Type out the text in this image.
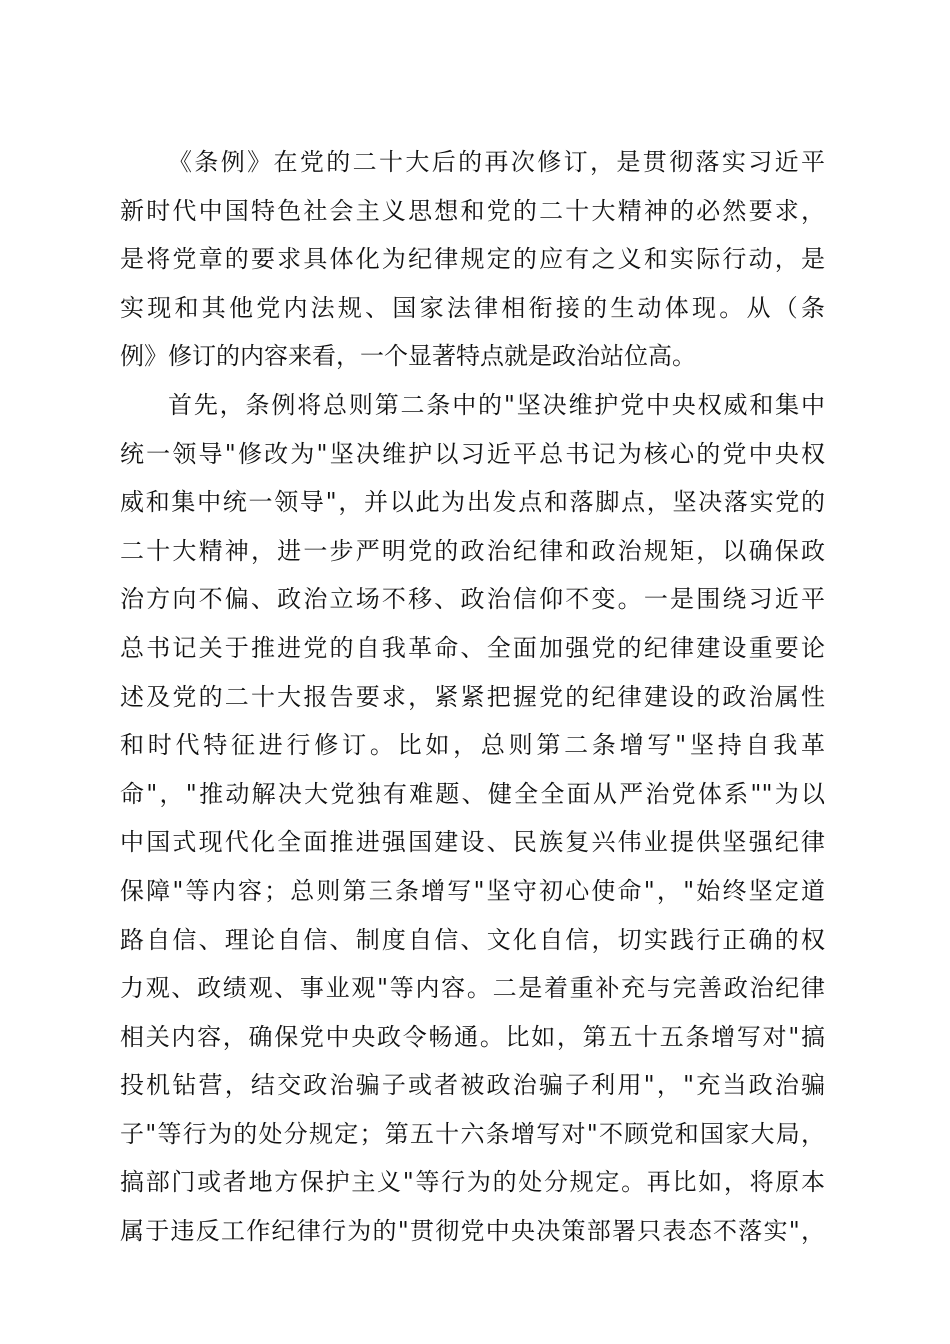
《条例》在党的二十大后的再次修订，是贯彻落实习近平
新时代中国特色社会主义思想和党的二十大精神的必然要求，
是将党章的要求具体化为纪律规定的应有之义和实际行动，是
实现和其他党内法规、国家法律相衔接的生动体现。从（条
例》修订的内容来看，一个显著特点就是政治站位高。
首先，条例将总则第二条中的"坚决维护党中央权威和集中
统一领导"修改为"坚决维护以习近平总书记为核心的党中央权
威和集中统一领导"，并以此为出发点和落脚点，坚决落实党的
二十大精神，进一步严明党的政治纪律和政治规矩，以确保政
治方向不偏、政治立场不移、政治信仰不变。一是围绕习近平
总书记关于推进党的自我革命、全面加强党的纪律建设重要论
述及党的二十大报告要求，紧紧把握党的纪律建设的政治属性
和时代特征进行修订。比如，总则第二条增写"坚持自我革
命"，"推动解决大党独有难题、健全全面从严治党体系""为以
中国式现代化全面推进强国建设、民族复兴伟业提供坚强纪律
保障"等内容；总则第三条增写"坚守初心使命"，"始终坚定道
路自信、理论自信、制度自信、文化自信，切实践行正确的权
力观、政绩观、事业观"等内容。二是着重补充与完善政治纪律
相关内容，确保党中央政令畅通。比如，第五十五条增写对"搞
投机钻营，结交政治骗子或者被政治骗子利用"，"充当政治骗
子"等行为的处分规定；第五十六条增写对"不顾党和国家大局，
搞部门或者地方保护主义"等行为的处分规定。再比如，将原本
属于违反工作纪律行为的"贯彻党中央决策部署只表态不落实"，
